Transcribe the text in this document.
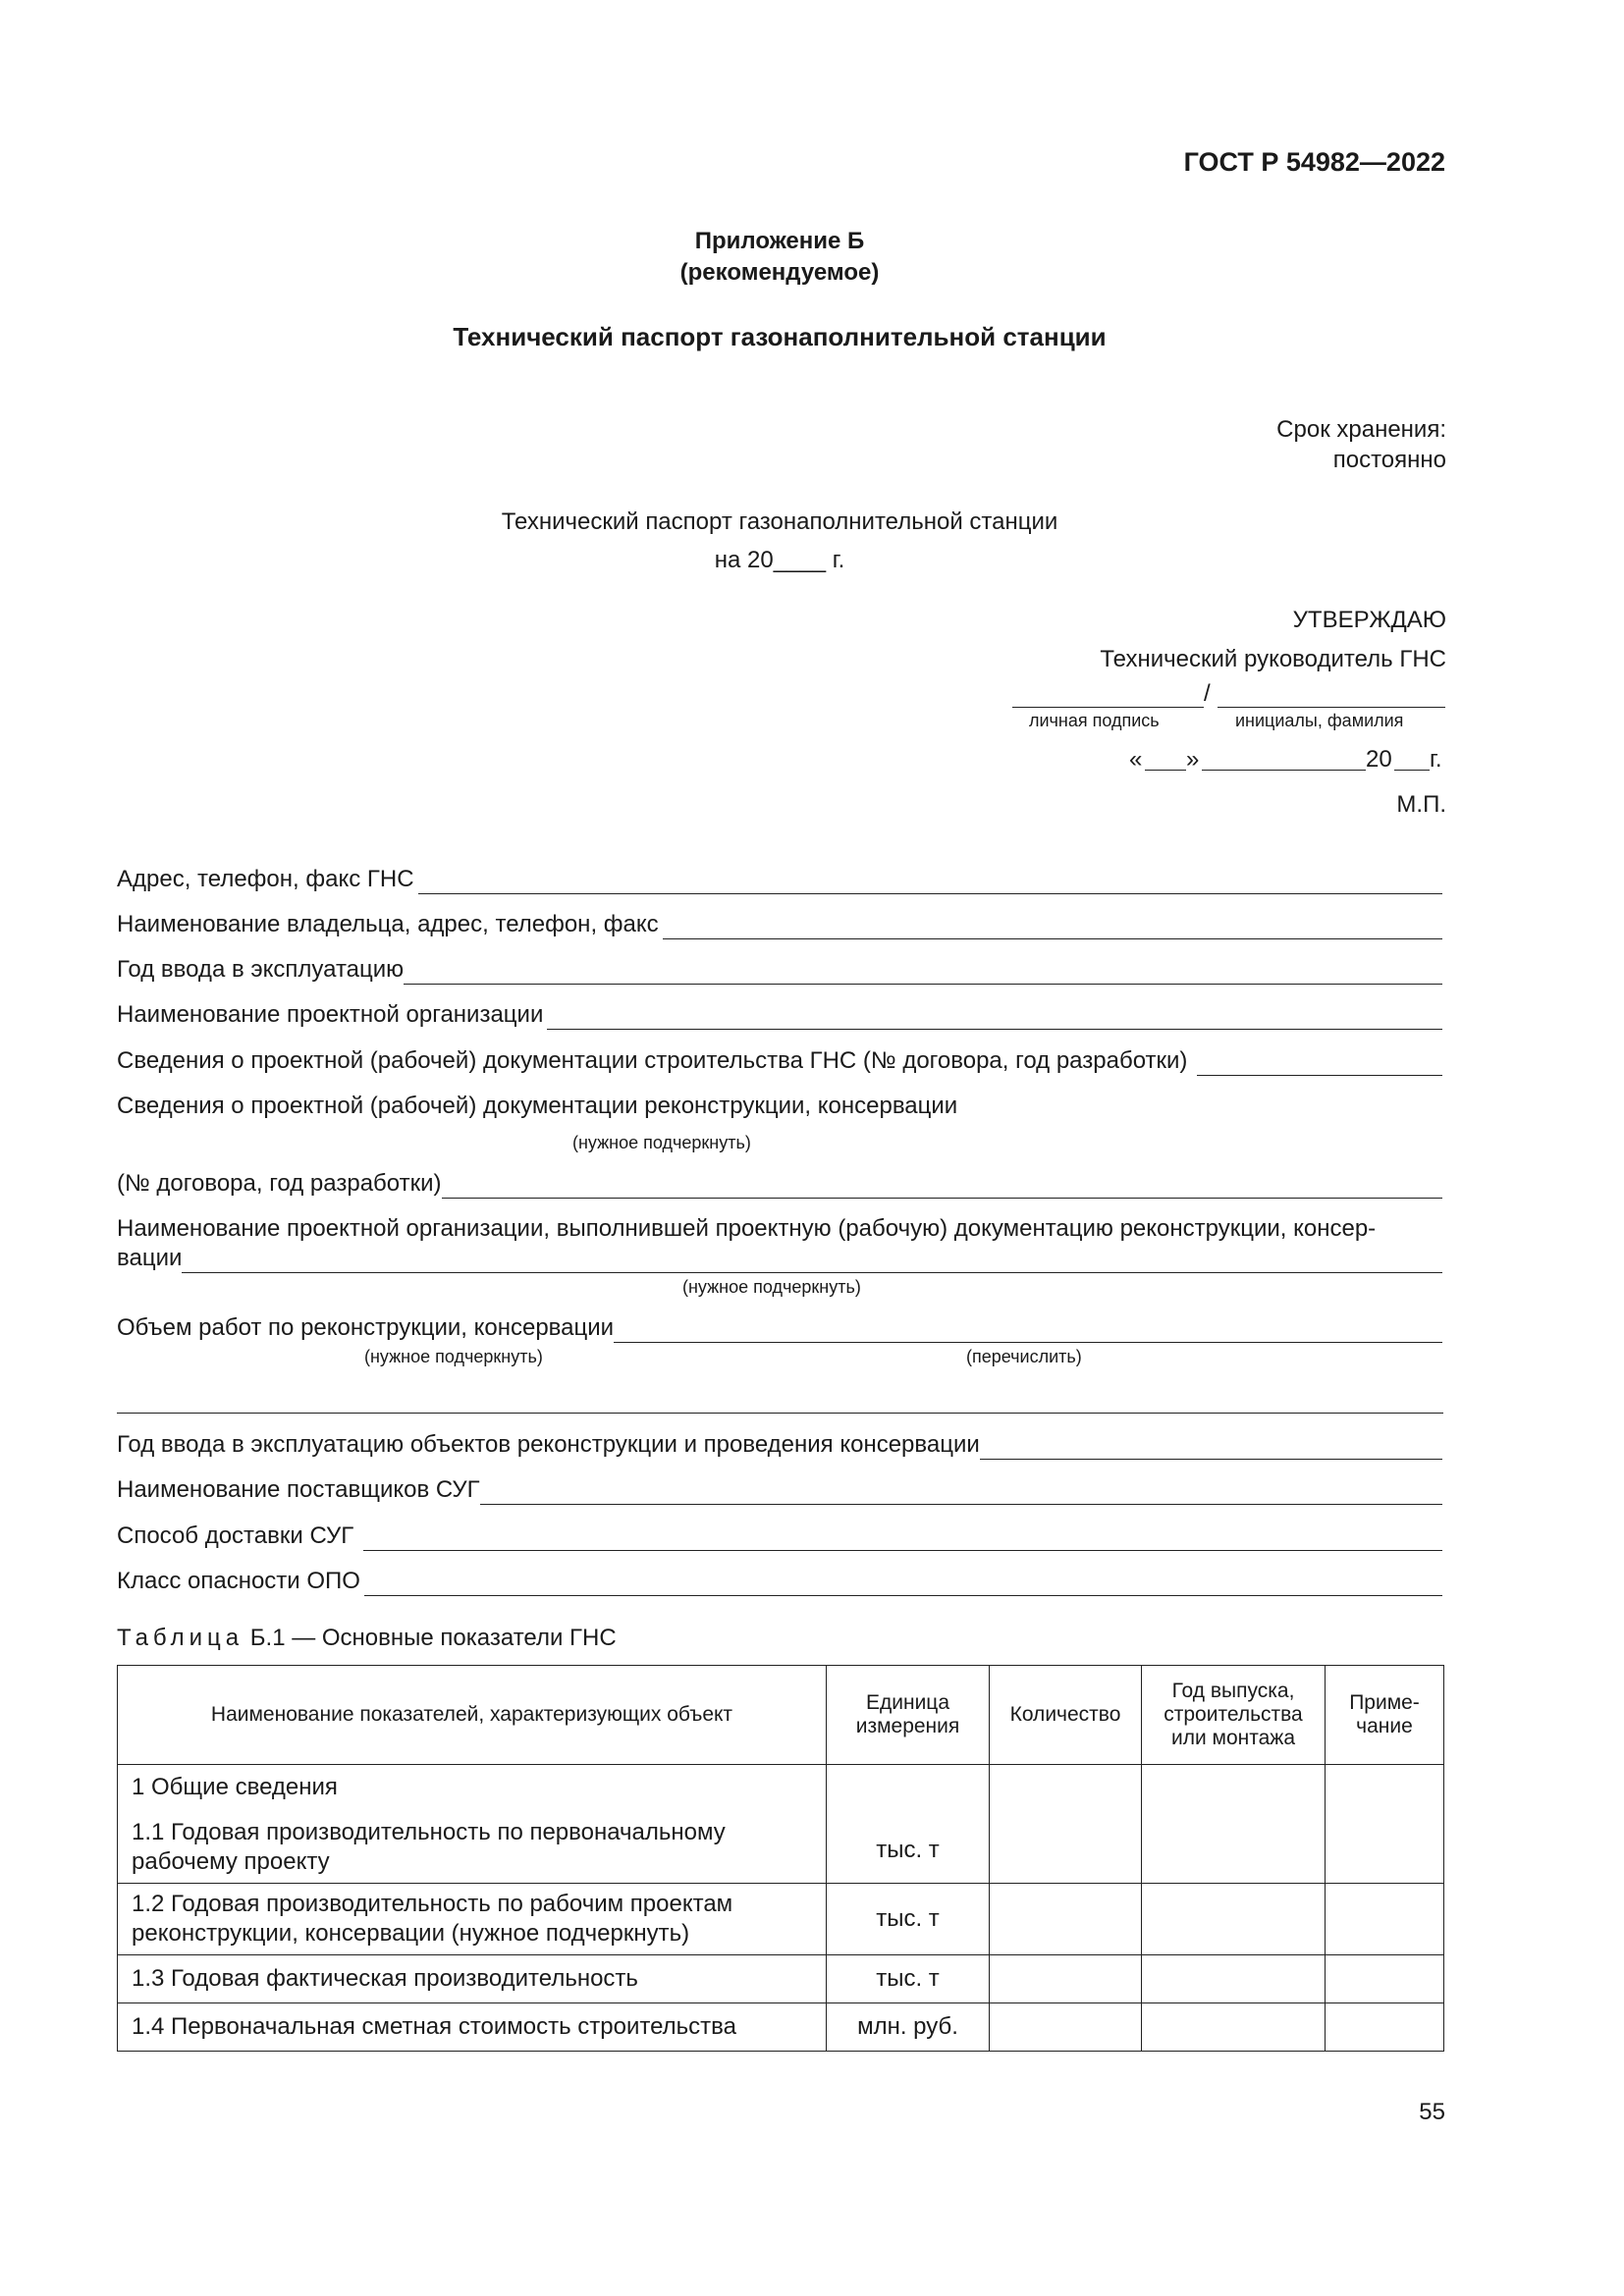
ГОСТ Р 54982—2022
Приложение Б
(рекомендуемое)
Технический паспорт газонаполнительной станции
Срок хранения:
постоянно
Технический паспорт газонаполнительной станции
на 20____ г.
УТВЕРЖДАЮ
Технический руководитель ГНС
/
личная подпись	инициалы, фамилия
« »	20 г.
М.П.
Адрес, телефон, факс ГНС
Наименование владельца, адрес, телефон, факс
Год ввода в эксплуатацию
Наименование проектной организации
Сведения о проектной (рабочей) документации строительства ГНС (№ договора, год разработки)
Сведения о проектной (рабочей) документации реконструкции, консервации
(нужное подчеркнуть)
(№ договора, год разработки)
Наименование проектной организации, выполнившей проектную (рабочую) документацию реконструкции, консер-
вации
(нужное подчеркнуть)
Объем работ по реконструкции, консервации
(нужное подчеркнуть)	(перечислить)
Год ввода в эксплуатацию объектов реконструкции и проведения консервации
Наименование поставщиков СУГ
Способ доставки СУГ
Класс опасности ОПО
Таблица Б.1 — Основные показатели ГНС
Наименование показателей, характеризующих объект	Единица измерения	Количество	Год выпуска, строительства или монтажа	Приме-чание

1 Общие сведения
1.1 Годовая производительность по первоначальному рабочему проекту	тыс. т			
1.2 Годовая производительность по рабочим проектам реконструкции, консервации (нужное подчеркнуть)	тыс. т			
1.3 Годовая фактическая производительность	тыс. т			
1.4 Первоначальная сметная стоимость строительства	млн. руб.			
55
